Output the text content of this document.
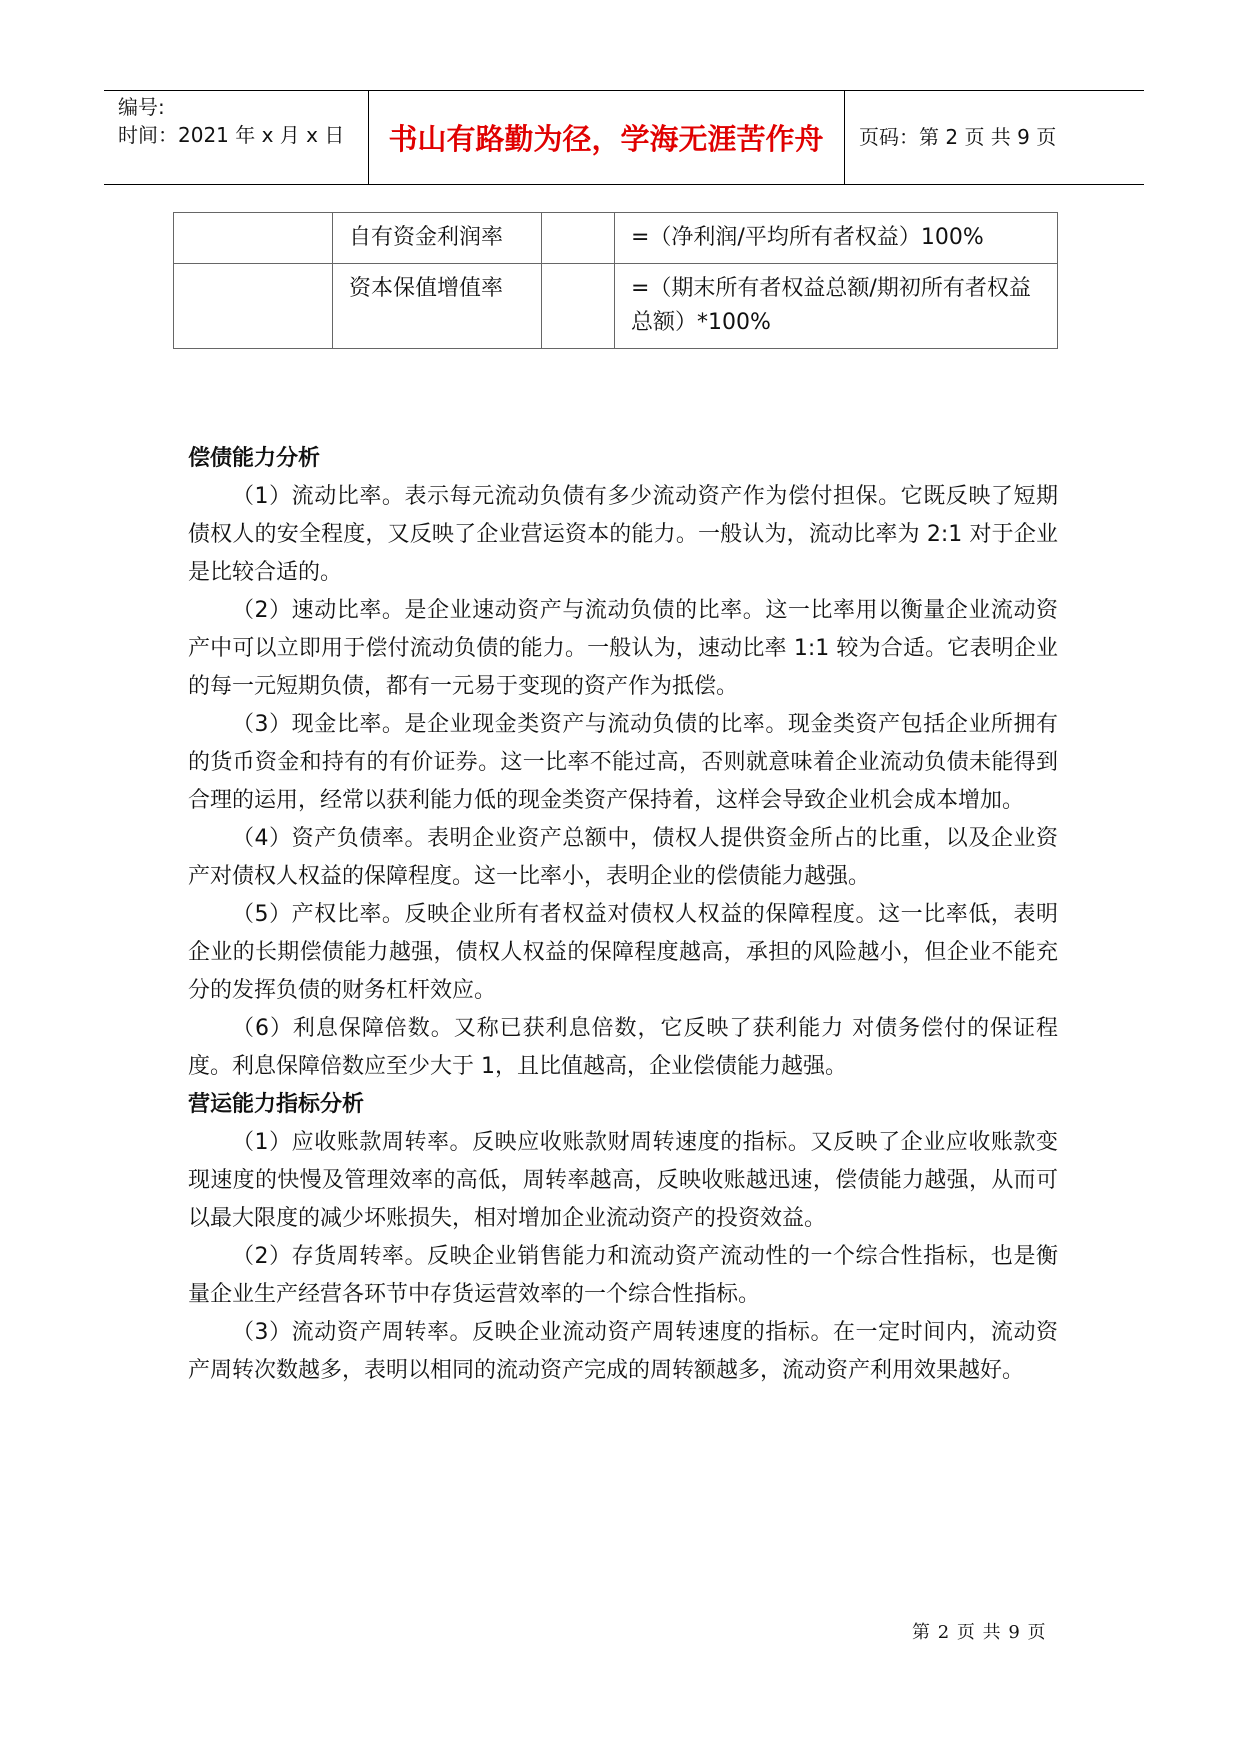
编号:
时间：2021 年 x 月 x 日	书山有路勤为径，学海无涯苦作舟	页码：第 2 页 共 9 页
	自有资金利润率		=（净利润/平均所有者权益）100%
	资本保值增值率		=（期末所有者权益总额/期初所有者权益总额）*100%

偿债能力分析

（1）流动比率。表示每元流动负债有多少流动资产作为偿付担保。它既反映了短期债权人的安全程度，又反映了企业营运资本的能力。一般认为，流动比率为 2:1 对于企业是比较合适的。

（2）速动比率。是企业速动资产与流动负债的比率。这一比率用以衡量企业流动资产中可以立即用于偿付流动负债的能力。一般认为，速动比率 1:1 较为合适。它表明企业的每一元短期负债，都有一元易于变现的资产作为抵偿。

（3）现金比率。是企业现金类资产与流动负债的比率。现金类资产包括企业所拥有的货币资金和持有的有价证券。这一比率不能过高，否则就意味着企业流动负债未能得到合理的运用，经常以获利能力低的现金类资产保持着，这样会导致企业机会成本增加。

（4）资产负债率。表明企业资产总额中，债权人提供资金所占的比重，以及企业资产对债权人权益的保障程度。这一比率小，表明企业的偿债能力越强。

（5）产权比率。反映企业所有者权益对债权人权益的保障程度。这一比率低，表明企业的长期偿债能力越强，债权人权益的保障程度越高，承担的风险越小，但企业不能充分的发挥负债的财务杠杆效应。

（6）利息保障倍数。又称已获利息倍数，它反映了获利能力 对债务偿付的保证程度。利息保障倍数应至少大于 1，且比值越高，企业偿债能力越强。

营运能力指标分析

（1）应收账款周转率。反映应收账款财周转速度的指标。又反映了企业应收账款变现速度的快慢及管理效率的高低，周转率越高，反映收账越迅速，偿债能力越强，从而可以最大限度的减少坏账损失，相对增加企业流动资产的投资效益。

（2）存货周转率。反映企业销售能力和流动资产流动性的一个综合性指标，也是衡量企业生产经营各环节中存货运营效率的一个综合性指标。

（3）流动资产周转率。反映企业流动资产周转速度的指标。在一定时间内，流动资产周转次数越多，表明以相同的流动资产完成的周转额越多，流动资产利用效果越好。

第 2 页 共 9 页
